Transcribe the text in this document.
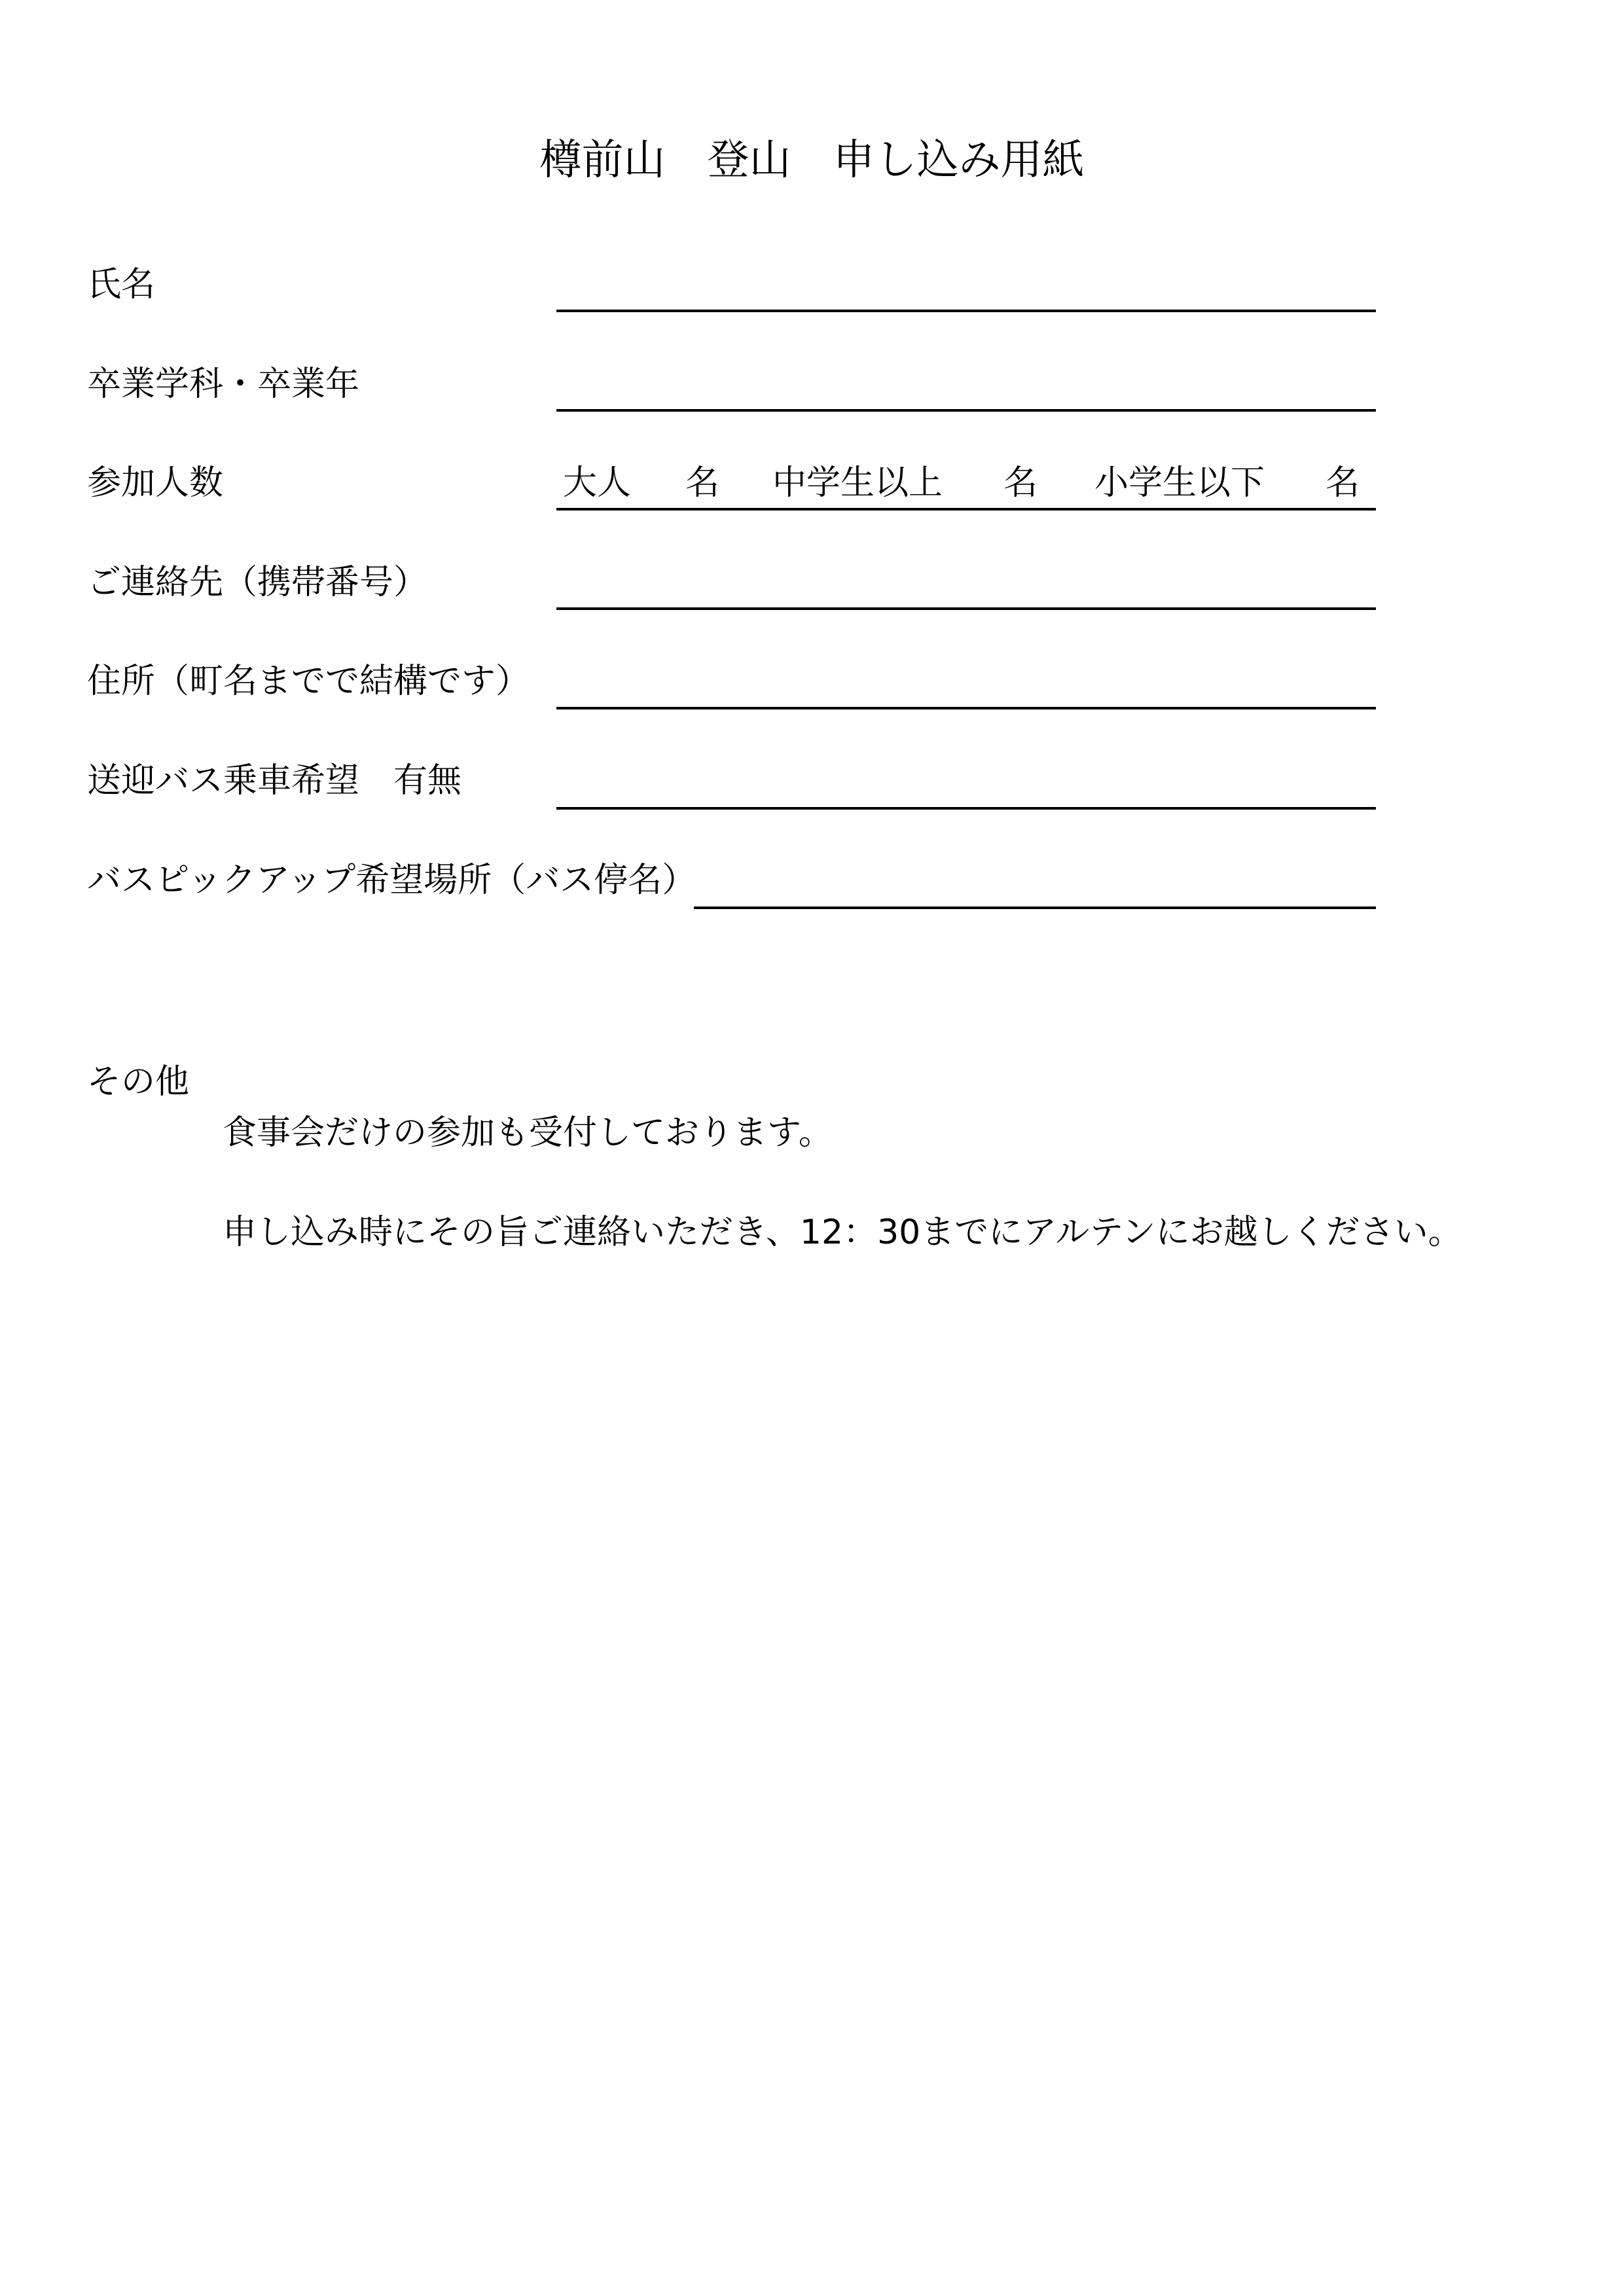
樽前山　登山　申し込み用紙
氏名
卒業学科・卒業年
参加人数

	大人

名

中学生以上

名

小学生以下

名

ご連絡先（携帯番号）
住所（町名までで結構です）
送迎バス乗車希望　有無
バスピックアップ希望場所（バス停名）
その他
食事会だけの参加も受付しております。
申し込み時にその旨ご連絡いただき、12：30までにアルテンにお越しください。
